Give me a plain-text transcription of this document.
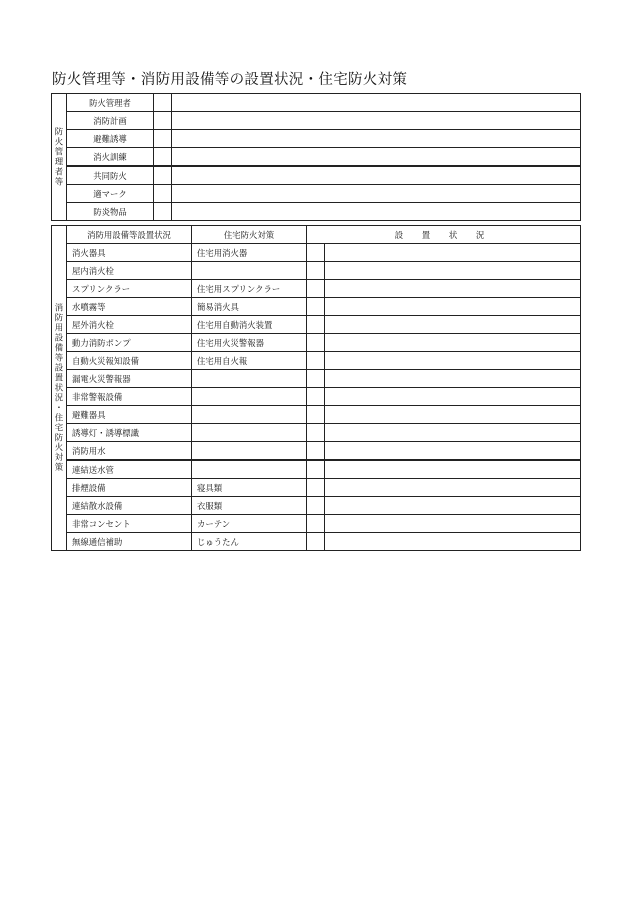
防火管理等・消防用設備等の設置状況・住宅防火対策
防火管理者等	防火管理者		
	消防計画		
	避難誘導		
	消火訓練		
	共同防火		
	適マーク		
	防炎物品		
消防用設備等設置状況・住宅防火対策	消防用設備等設置状況	住宅防火対策	設 置 状 況	
	消火器具	住宅用消火器		
	屋内消火栓			
	スプリンクラー	住宅用スプリンクラー		
	水噴霧等	簡易消火具		
	屋外消火栓	住宅用自動消火装置		
	動力消防ポンプ	住宅用火災警報器		
	自動火災報知設備	住宅用自火報		
	漏電火災警報器			
	非常警報設備			
	避難器具			
	誘導灯・誘導標識			
	消防用水			
	連結送水管			
	排煙設備	寝具類		
	連結散水設備	衣服類		
	非常コンセント	カーテン		
	無線通信補助	じゅうたん		
